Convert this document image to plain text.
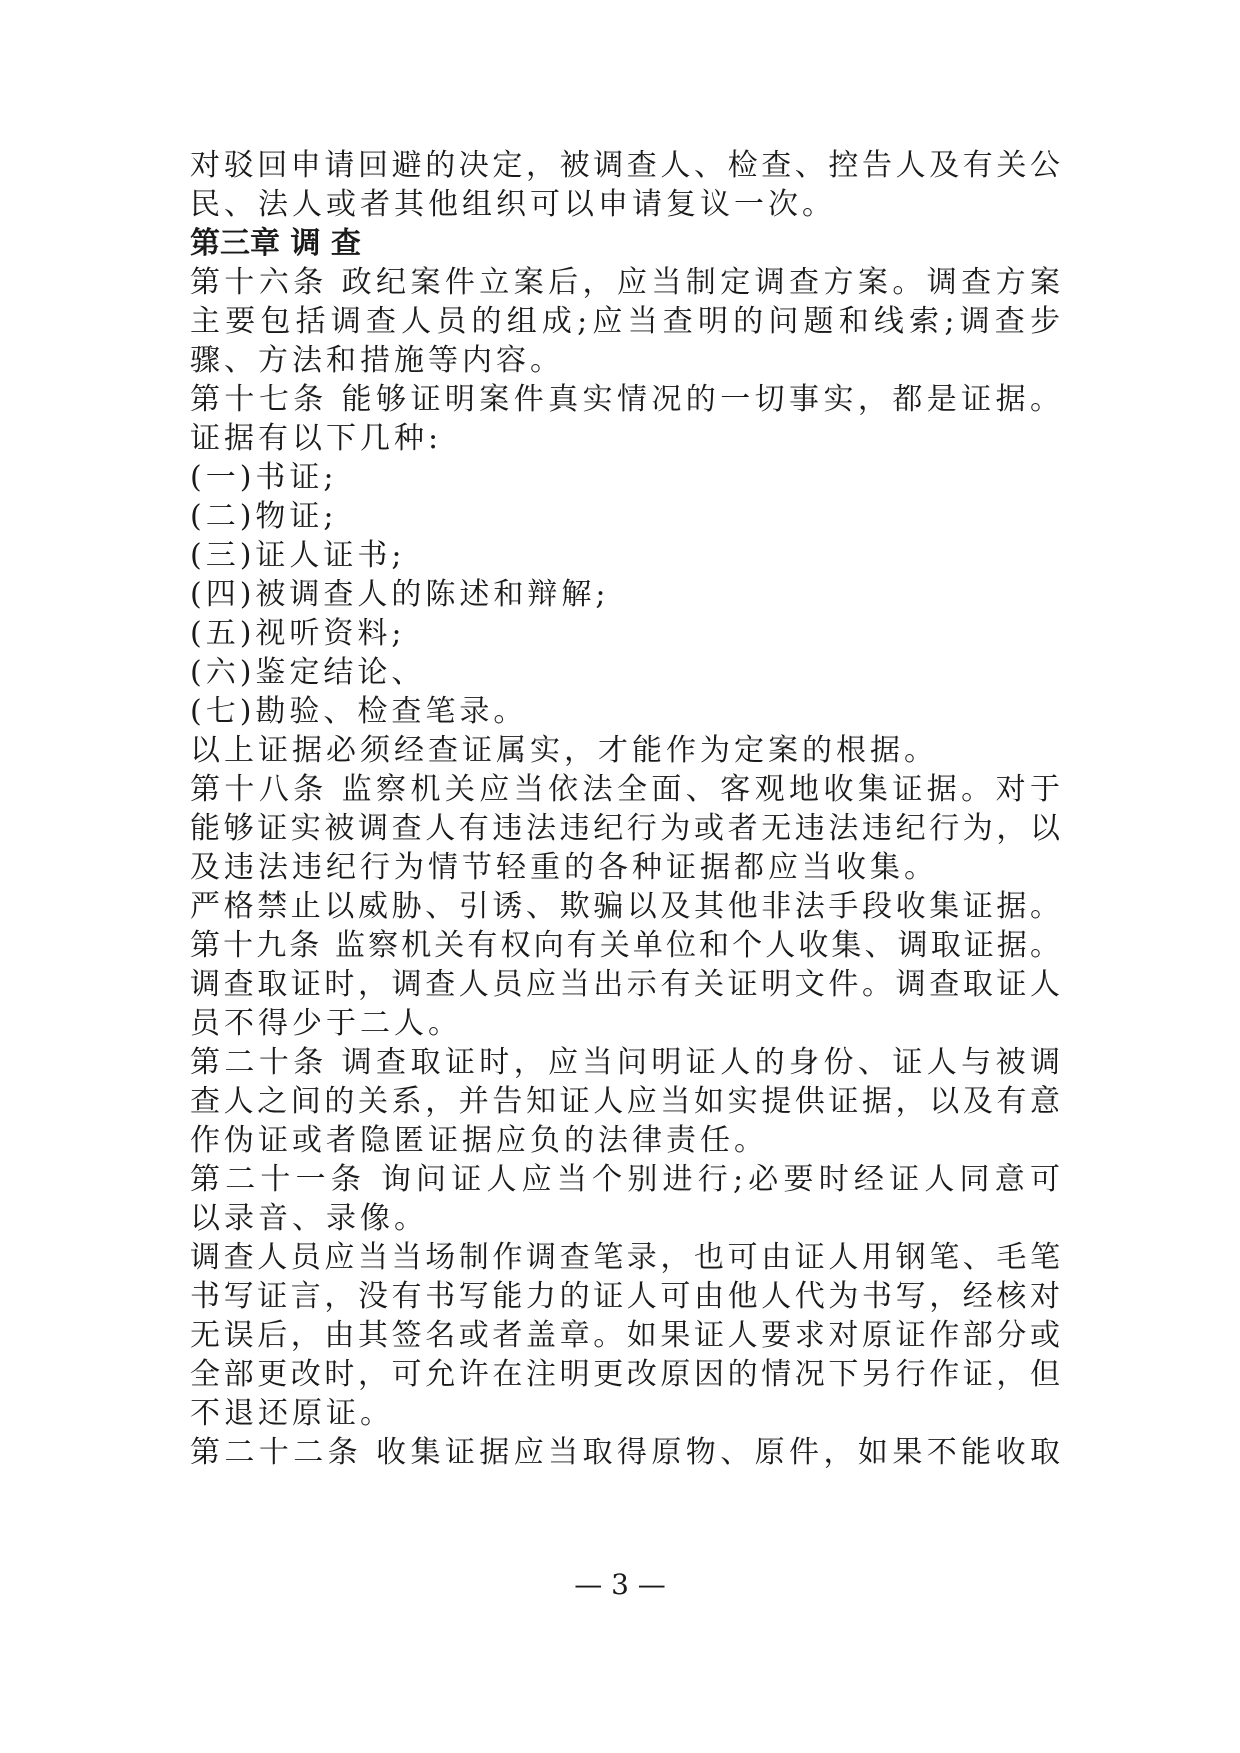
对驳回申请回避的决定，被调查人、检查、控告人及有关公
民、法人或者其他组织可以申请复议一次。
第三章 调 查
第十六条 政纪案件立案后，应当制定调查方案。调查方案
主要包括调查人员的组成;应当查明的问题和线索;调查步
骤、方法和措施等内容。
第十七条 能够证明案件真实情况的一切事实，都是证据。
证据有以下几种:
(一)书证;
(二)物证;
(三)证人证书;
(四)被调查人的陈述和辩解;
(五)视听资料;
(六)鉴定结论、
(七)勘验、检查笔录。
以上证据必须经查证属实，才能作为定案的根据。
第十八条 监察机关应当依法全面、客观地收集证据。对于
能够证实被调查人有违法违纪行为或者无违法违纪行为，以
及违法违纪行为情节轻重的各种证据都应当收集。
严格禁止以威胁、引诱、欺骗以及其他非法手段收集证据。
第十九条 监察机关有权向有关单位和个人收集、调取证据。
调查取证时，调查人员应当出示有关证明文件。调查取证人
员不得少于二人。
第二十条 调查取证时，应当问明证人的身份、证人与被调
查人之间的关系，并告知证人应当如实提供证据，以及有意
作伪证或者隐匿证据应负的法律责任。
第二十一条 询问证人应当个别进行;必要时经证人同意可
以录音、录像。
调查人员应当当场制作调查笔录，也可由证人用钢笔、毛笔
书写证言，没有书写能力的证人可由他人代为书写，经核对
无误后，由其签名或者盖章。如果证人要求对原证作部分或
全部更改时，可允许在注明更改原因的情况下另行作证，但
不退还原证。
第二十二条 收集证据应当取得原物、原件，如果不能收取
— 3 —
